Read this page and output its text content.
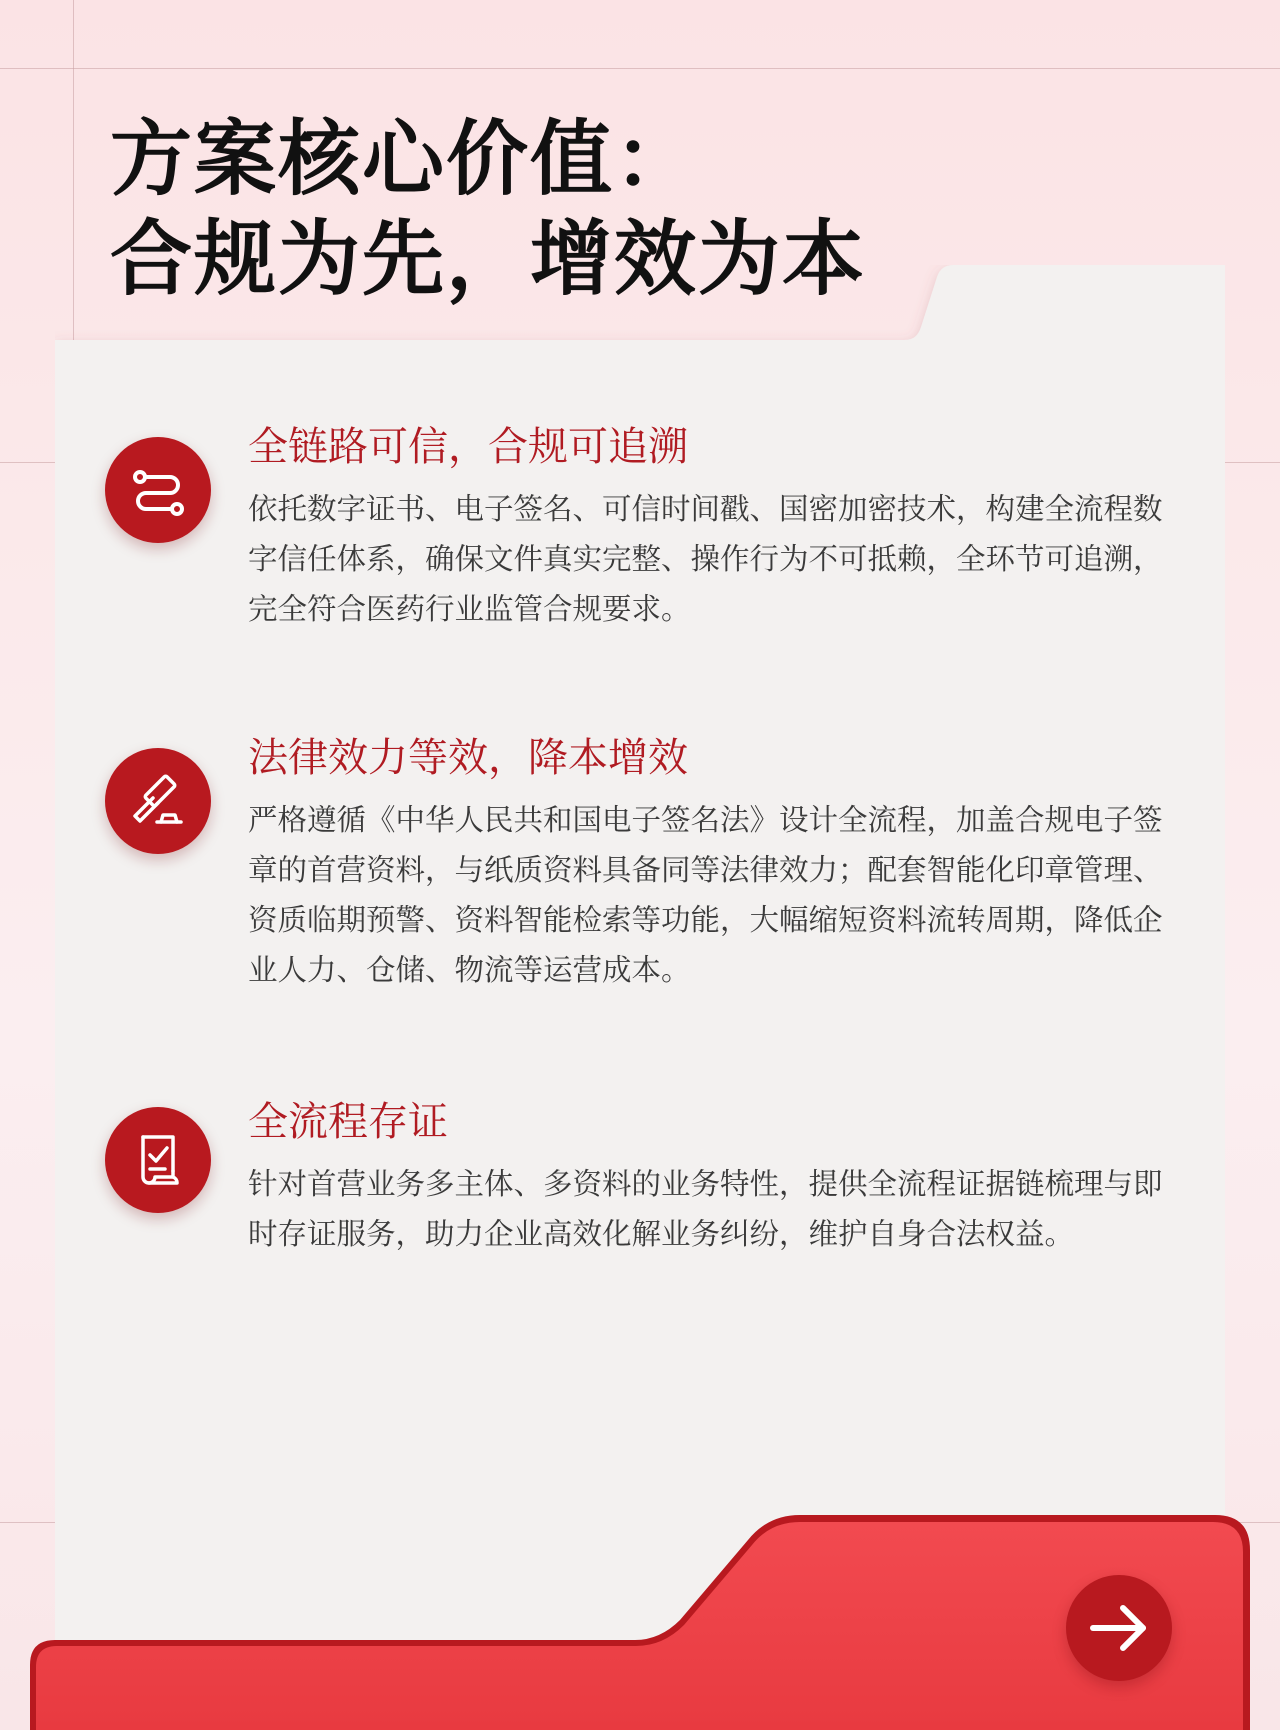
方案核心价值：
合规为先，增效为本
全链路可信，合规可追溯

依托数字证书、电子签名、可信时间戳、国密加密技术，构建全流程数字信任体系，确保文件真实完整、操作行为不可抵赖，全环节可追溯，完全符合医药行业监管合规要求。

法律效力等效，降本增效

严格遵循《中华人民共和国电子签名法》设计全流程，加盖合规电子签章的首营资料，与纸质资料具备同等法律效力；配套智能化印章管理、资质临期预警、资料智能检索等功能，大幅缩短资料流转周期，降低企业人力、仓储、物流等运营成本。

全流程存证

针对首营业务多主体、多资料的业务特性，提供全流程证据链梳理与即时存证服务，助力企业高效化解业务纠纷，维护自身合法权益。
